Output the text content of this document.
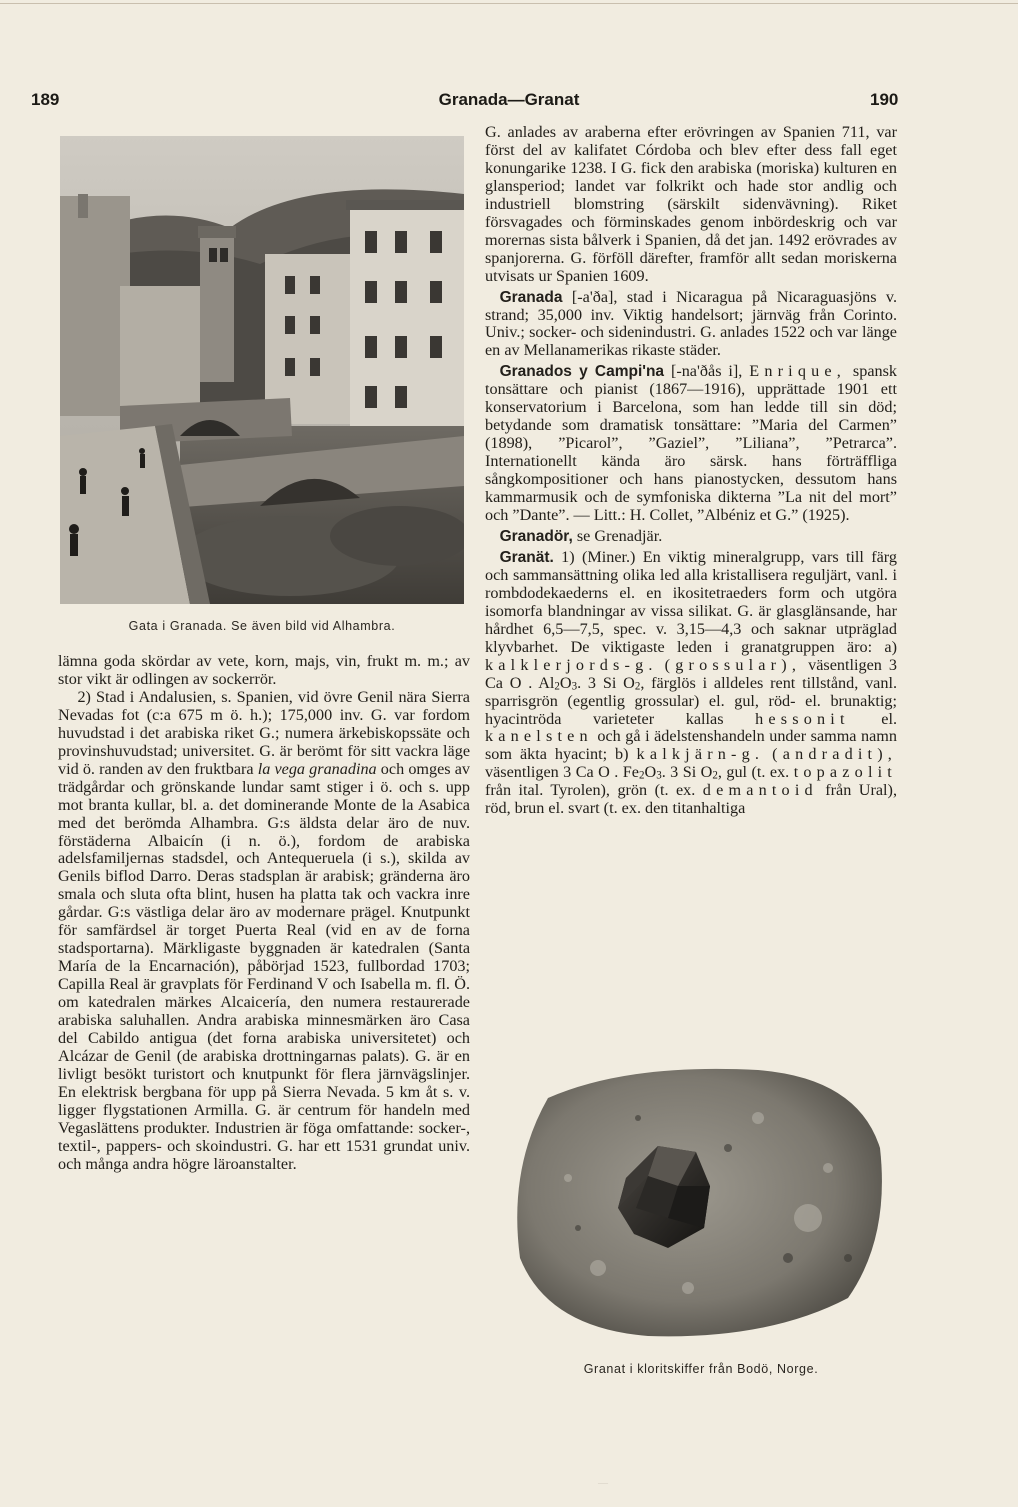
189	Granada—Granat	190
Gata i Granada. Se även bild vid Alhambra.

lämna goda skördar av vete, korn, majs, vin, frukt m. m.; av stor vikt är odlingen av sockerrör.

2) Stad i Andalusien, s. Spanien, vid övre Genil nära Sierra Nevadas fot (c:a 675 m ö. h.); 175,000 inv. G. var fordom huvudstad i det arabiska riket G.; numera ärkebiskopssäte och provinshuvudstad; universitet. G. är berömt för sitt vackra läge vid ö. randen av den fruktbara la vega granadina och omges av trädgårdar och grönskande lundar samt stiger i ö. och s. upp mot branta kullar, bl. a. det dominerande Monte de la Asabica med det berömda Alhambra. G:s äldsta delar äro de nuv. förstäderna Albaicín (i n. ö.), fordom de arabiska adelsfamiljernas stadsdel, och Antequeruela (i s.), skilda av Genils biflod Darro. Deras stadsplan är arabisk; gränderna äro smala och sluta ofta blint, husen ha platta tak och vackra inre gårdar. G:s västliga delar äro av modernare prägel. Knutpunkt för samfärdsel är torget Puerta Real (vid en av de forna stadsportarna). Märkligaste byggnaden är katedralen (Santa María de la Encarnación), påbörjad 1523, fullbordad 1703; Capilla Real är gravplats för Ferdinand V och Isabella m. fl. Ö. om katedralen märkes Alcaicería, den numera restaurerade arabiska saluhallen. Andra arabiska minnesmärken äro Casa del Cabildo antigua (det forna arabiska universitetet) och Alcázar de Genil (de arabiska drottningarnas palats). G. är en livligt besökt turistort och knutpunkt för flera järnvägslinjer. En elektrisk bergbana för upp på Sierra Nevada. 5 km åt s. v. ligger flygstationen Armilla. G. är centrum för handeln med Vegaslättens produkter. Industrien är föga omfattande: socker-, textil-, pappers- och skoindustri. G. har ett 1531 grundat univ. och många andra högre läroanstalter.

G. anlades av araberna efter erövringen av Spanien 711, var först del av kalifatet Córdoba och blev efter dess fall eget konungarike 1238. I G. fick den arabiska (moriska) kulturen en glansperiod; landet var folkrikt och hade stor andlig och industriell blomstring (särskilt sidenvävning). Riket försvagades och förminskades genom inbördeskrig och var morernas sista bålverk i Spanien, då det jan. 1492 erövrades av spanjorerna. G. förföll därefter, framför allt sedan moriskerna utvisats ur Spanien 1609.

Granada [-a'ða], stad i Nicaragua på Nicaraguasjöns v. strand; 35,000 inv. Viktig handelsort; järnväg från Corinto. Univ.; socker- och sidenindustri. G. anlades 1522 och var länge en av Mellanamerikas rikaste städer.

Granados y Campi'na [-na'ðås i], Enrique, spansk tonsättare och pianist (1867—1916), upprättade 1901 ett konservatorium i Barcelona, som han ledde till sin död; betydande som dramatisk tonsättare: ”Maria del Carmen” (1898), ”Picarol”, ”Gaziel”, ”Liliana”, ”Petrarca”. Internationellt kända äro särsk. hans förträffliga sångkompositioner och hans pianostycken, dessutom hans kammarmusik och de symfoniska dikterna ”La nit del mort” och ”Dante”. — Litt.: H. Collet, ”Albéniz et G.” (1925).

Granadör, se Grenadjär.

Granät. 1) (Miner.) En viktig mineralgrupp, vars till färg och sammansättning olika led alla kristallisera reguljärt, vanl. i rombdodekaederns el. en ikositetraeders form och utgöra isomorfa blandningar av vissa silikat. G. är glasglänsande, har hårdhet 6,5—7,5, spec. v. 3,15—4,3 och saknar utpräglad klyvbarhet. De viktigaste leden i granatgruppen äro: a) kalklerjords-g. (grossular), väsentligen 3 Ca O . $Al_2O_3$. 3 Si $O_2$, färglös i alldeles rent tillstånd, vanl. sparrisgrön (egentlig grossular) el. gul, röd- el. brunaktig; hyacintröda varieteter kallas hessonit el. kanelsten och gå i ädelstenshandeln under samma namn som äkta hyacint; b) kalkjärn-g. (andradit), väsentligen 3 Ca O . $Fe_2O_3$. 3 Si $O_2$, gul (t. ex. topazolit från ital. Tyrolen), grön (t. ex. demantoid från Ural), röd, brun el. svart (t. ex. den titanhaltiga

Granat i kloritskiffer från Bodö, Norge.
—
